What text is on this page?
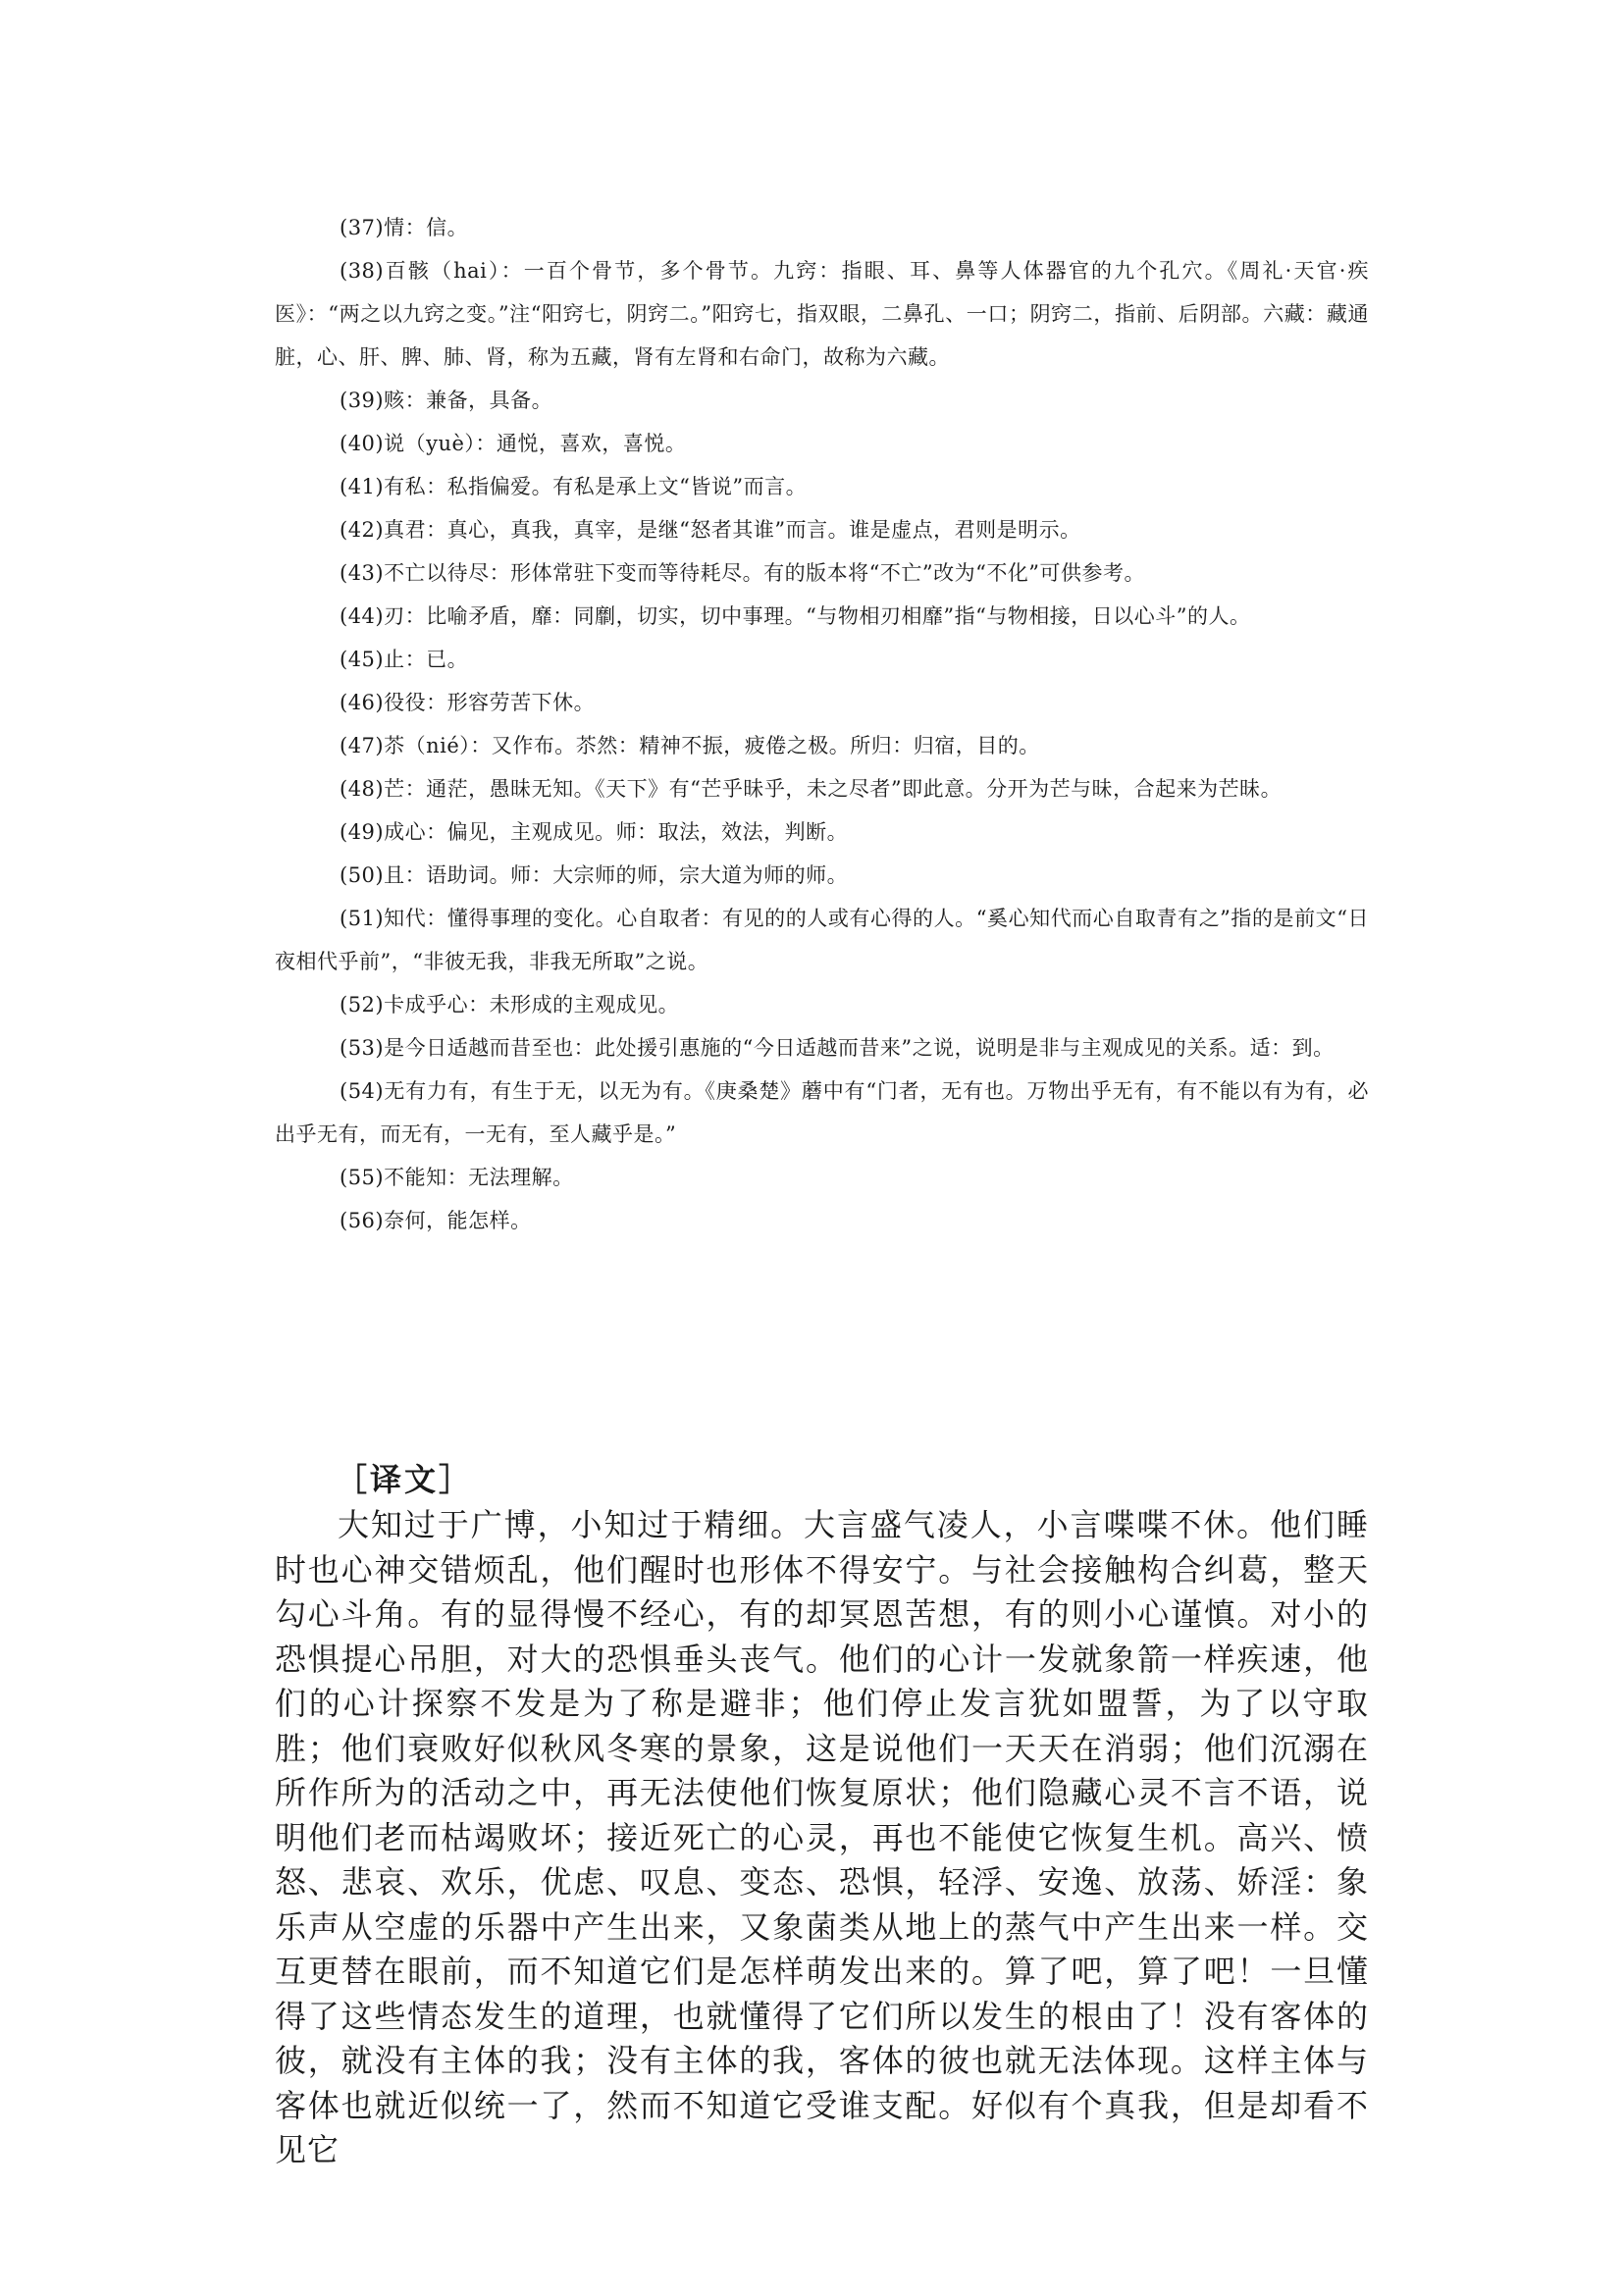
(37)情：信。

(38)百骸（hai）：一百个骨节，多个骨节。九窍：指眼、耳、鼻等人体器官的九个孔穴。《周礼·天官·疾医》：“两之以九窍之变。”注“阳窍七，阴窍二。”阳窍七，指双眼，二鼻孔、一口；阴窍二，指前、后阴部。六藏：藏通脏，心、肝、脾、肺、肾，称为五藏，肾有左肾和右命门，故称为六藏。

(39)赅：兼备，具备。

(40)说（yuè）：通悦，喜欢，喜悦。

(41)有私：私指偏爱。有私是承上文“皆说”而言。

(42)真君：真心，真我，真宰，是继“怒者其谁”而言。谁是虚点，君则是明示。

(43)不亡以待尽：形体常驻下变而等待耗尽。有的版本将“不亡”改为“不化”可供参考。

(44)刃：比喻矛盾，靡：同劘，切实，切中事理。“与物相刃相靡”指“与物相接，日以心斗”的人。

(45)止：已。

(46)役役：形容劳苦下休。

(47)苶（nié）：又作布。苶然：精神不振，疲倦之极。所归：归宿，目的。

(48)芒：通茫，愚昧无知。《天下》有“芒乎昧乎，未之尽者”即此意。分开为芒与昧，合起来为芒昧。

(49)成心：偏见，主观成见。师：取法，效法，判断。

(50)且：语助词。师：大宗师的师，宗大道为师的师。

(51)知代：懂得事理的变化。心自取者：有见的的人或有心得的人。“奚心知代而心自取青有之”指的是前文“日夜相代乎前”，“非彼无我，非我无所取”之说。

(52)卡成乎心：未形成的主观成见。

(53)是今日适越而昔至也：此处援引惠施的“今日适越而昔来”之说，说明是非与主观成见的关系。适：到。

(54)无有力有，有生于无，以无为有。《庚桑楚》蘑中有“门者，无有也。万物出乎无有，有不能以有为有，必出乎无有，而无有，一无有，至人藏乎是。”

(55)不能知：无法理解。

(56)奈何，能怎样。

［译文］

大知过于广博，小知过于精细。大言盛气凌人，小言喋喋不休。他们睡时也心神交错烦乱，他们醒时也形体不得安宁。与社会接触构合纠葛，整天勾心斗角。有的显得慢不经心，有的却冥恩苦想，有的则小心谨慎。对小的恐惧提心吊胆，对大的恐惧垂头丧气。他们的心计一发就象箭一样疾速，他们的心计探察不发是为了称是避非；他们停止发言犹如盟誓，为了以守取胜；他们衰败好似秋风冬寒的景象，这是说他们一天天在消弱；他们沉溺在所作所为的活动之中，再无法使他们恢复原状；他们隐藏心灵不言不语，说明他们老而枯竭败坏；接近死亡的心灵，再也不能使它恢复生机。高兴、愤怒、悲哀、欢乐，优虑、叹息、变态、恐惧，轻浮、安逸、放荡、娇淫：象乐声从空虚的乐器中产生出来，又象菌类从地上的蒸气中产生出来一样。交互更替在眼前，而不知道它们是怎样萌发出来的。算了吧，算了吧！一旦懂得了这些情态发生的道理，也就懂得了它们所以发生的根由了！没有客体的彼，就没有主体的我；没有主体的我，客体的彼也就无法体现。这样主体与客体也就近似统一了，然而不知道它受谁支配。好似有个真我，但是却看不见它
